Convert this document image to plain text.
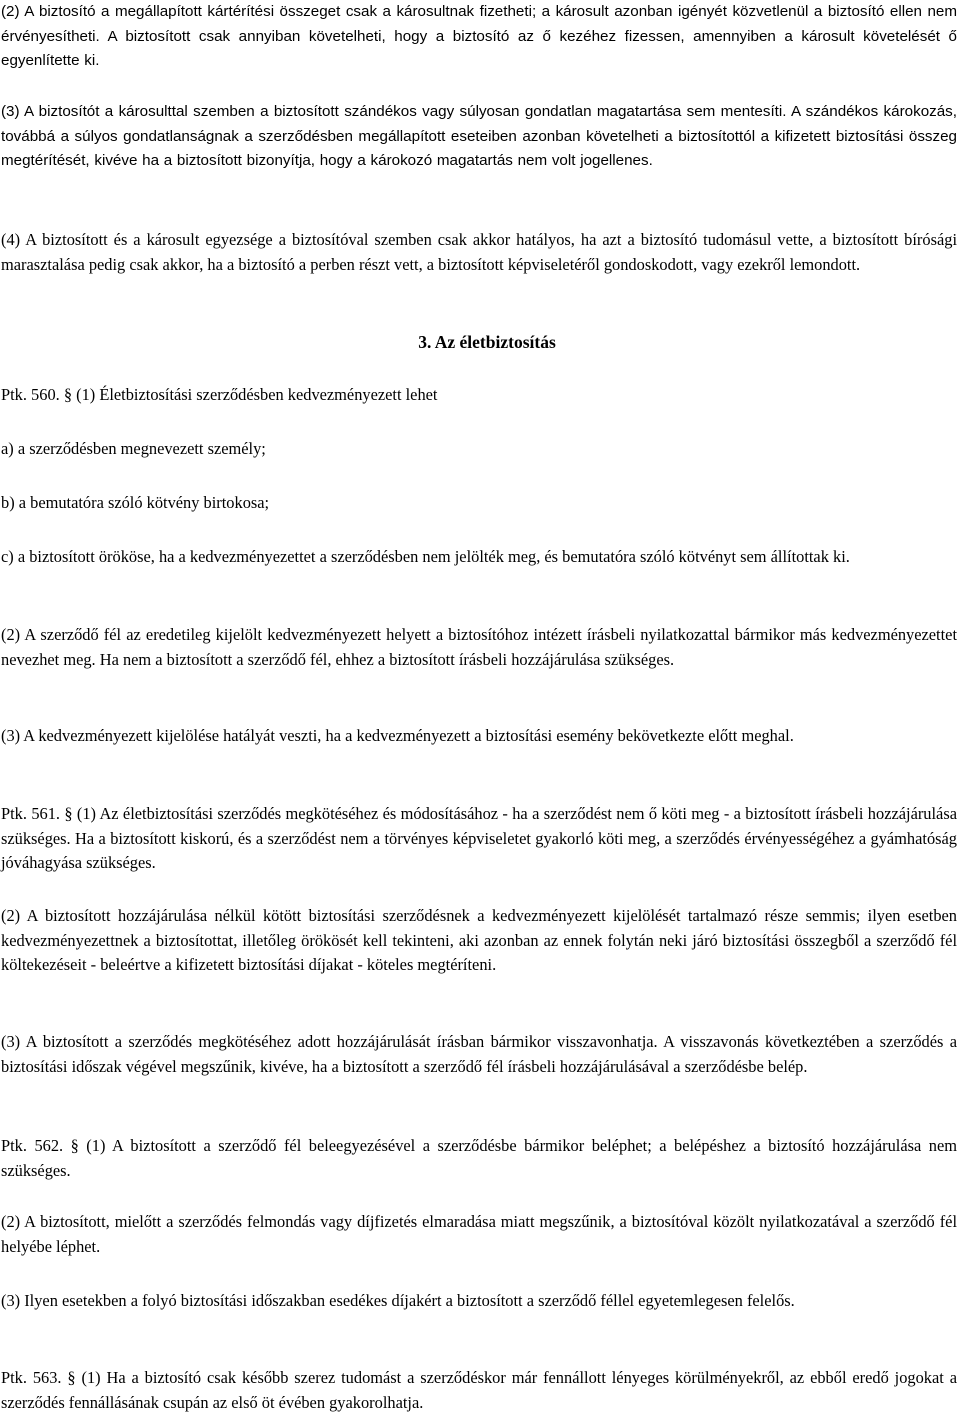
(2) A biztosító a megállapított kártérítési összeget csak a károsultnak fizetheti; a károsult azonban igényét közvetlenül a biztosító ellen nem érvényesítheti. A biztosított csak annyiban követelheti, hogy a biztosító az ő kezéhez fizessen, amennyiben a károsult követelését ő egyenlítette ki.

(3) A biztosítót a károsulttal szemben a biztosított szándékos vagy súlyosan gondatlan magatartása sem mentesíti. A szándékos károkozás, továbbá a súlyos gondatlanságnak a szerződésben megállapított eseteiben azonban követelheti a biztosítottól a kifizetett biztosítási összeg megtérítését, kivéve ha a biztosított bizonyítja, hogy a károkozó magatartás nem volt jogellenes.

(4) A biztosított és a károsult egyezsége a biztosítóval szemben csak akkor hatályos, ha azt a biztosító tudomásul vette, a biztosított bírósági marasztalása pedig csak akkor, ha a biztosító a perben részt vett, a biztosított képviseletéről gondoskodott, vagy ezekről lemondott.

3. Az életbiztosítás

Ptk. 560. § (1) Életbiztosítási szerződésben kedvezményezett lehet

a) a szerződésben megnevezett személy;

b) a bemutatóra szóló kötvény birtokosa;

c) a biztosított örököse, ha a kedvezményezettet a szerződésben nem jelölték meg, és bemutatóra szóló kötvényt sem állítottak ki.

(2) A szerződő fél az eredetileg kijelölt kedvezményezett helyett a biztosítóhoz intézett írásbeli nyilatkozattal bármikor más kedvezményezettet nevezhet meg. Ha nem a biztosított a szerződő fél, ehhez a biztosított írásbeli hozzájárulása szükséges.

(3) A kedvezményezett kijelölése hatályát veszti, ha a kedvezményezett a biztosítási esemény bekövetkezte előtt meghal.

Ptk. 561. § (1) Az életbiztosítási szerződés megkötéséhez és módosításához - ha a szerződést nem ő köti meg - a biztosított írásbeli hozzájárulása szükséges. Ha a biztosított kiskorú, és a szerződést nem a törvényes képviseletet gyakorló köti meg, a szerződés érvényességéhez a gyámhatóság jóváhagyása szükséges.

(2) A biztosított hozzájárulása nélkül kötött biztosítási szerződésnek a kedvezményezett kijelölését tartalmazó része semmis; ilyen esetben kedvezményezettnek a biztosítottat, illetőleg örökösét kell tekinteni, aki azonban az ennek folytán neki járó biztosítási összegből a szerződő fél költekezéseit - beleértve a kifizetett biztosítási díjakat - köteles megtéríteni.

(3) A biztosított a szerződés megkötéséhez adott hozzájárulását írásban bármikor visszavonhatja. A visszavonás következtében a szerződés a biztosítási időszak végével megszűnik, kivéve, ha a biztosított a szerződő fél írásbeli hozzájárulásával a szerződésbe belép.

Ptk. 562. § (1) A biztosított a szerződő fél beleegyezésével a szerződésbe bármikor beléphet; a belépéshez a biztosító hozzájárulása nem szükséges.

(2) A biztosított, mielőtt a szerződés felmondás vagy díjfizetés elmaradása miatt megszűnik, a biztosítóval közölt nyilatkozatával a szerződő fél helyébe léphet.

(3) Ilyen esetekben a folyó biztosítási időszakban esedékes díjakért a biztosított a szerződő féllel egyetemlegesen felelős.

Ptk. 563. § (1) Ha a biztosító csak később szerez tudomást a szerződéskor már fennállott lényeges körülményekről, az ebből eredő jogokat a szerződés fennállásának csupán az első öt évében gyakorolhatja.
